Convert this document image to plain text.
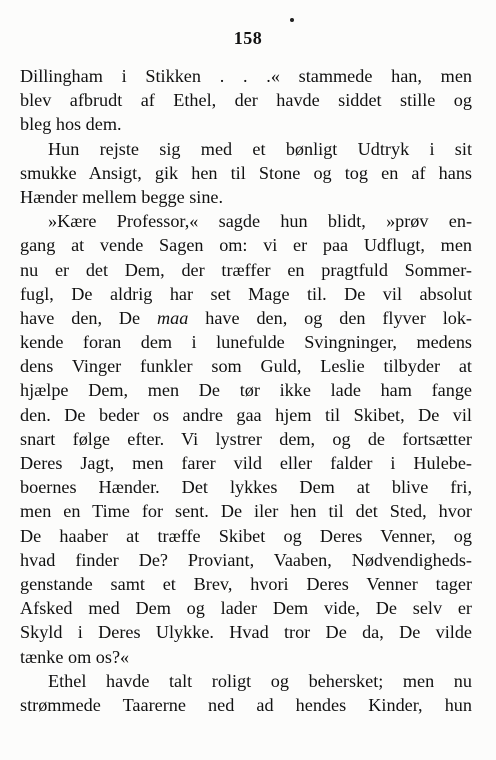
158
Dillingham i Stikken . . .« stammede han, men
blev afbrudt af Ethel, der havde siddet stille og
bleg hos dem.
Hun rejste sig med et bønligt Udtryk i sit
smukke Ansigt, gik hen til Stone og tog en af hans
Hænder mellem begge sine.
»Kære Professor,« sagde hun blidt, »prøv en-
gang at vende Sagen om: vi er paa Udflugt, men
nu er det Dem, der træffer en pragtfuld Sommer-
fugl, De aldrig har set Mage til. De vil absolut
have den, De maa have den, og den flyver lok-
kende foran dem i lunefulde Svingninger, medens
dens Vinger funkler som Guld, Leslie tilbyder at
hjælpe Dem, men De tør ikke lade ham fange
den. De beder os andre gaa hjem til Skibet, De vil
snart følge efter. Vi lystrer dem, og de fortsætter
Deres Jagt, men farer vild eller falder i Hulebe-
boernes Hænder. Det lykkes Dem at blive fri,
men en Time for sent. De iler hen til det Sted, hvor
De haaber at træffe Skibet og Deres Venner, og
hvad finder De? Proviant, Vaaben, Nødvendigheds-
genstande samt et Brev, hvori Deres Venner tager
Afsked med Dem og lader Dem vide, De selv er
Skyld i Deres Ulykke. Hvad tror De da, De vilde
tænke om os?«
Ethel havde talt roligt og behersket; men nu
strømmede Taarerne ned ad hendes Kinder, hun
